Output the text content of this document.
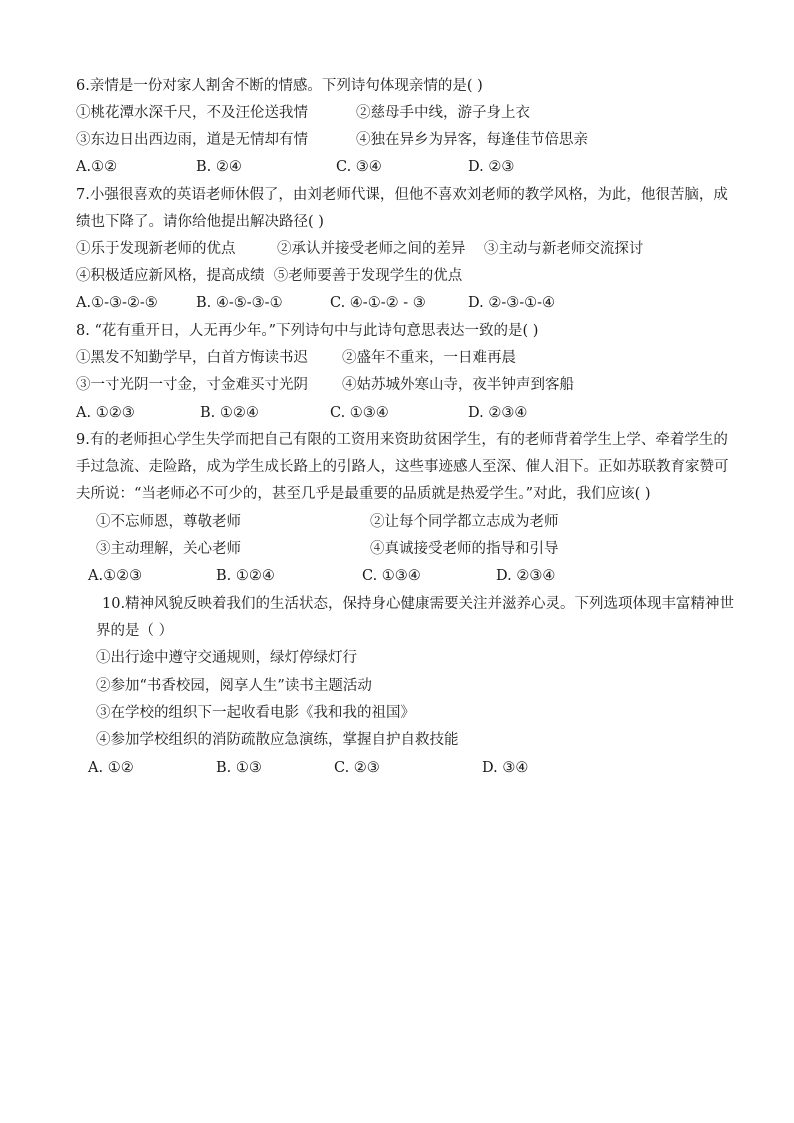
6.亲情是一份对家人割舍不断的情感。下列诗句体现亲情的是( )
①桃花潭水深千尺，不及汪伦送我情	②慈母手中线，游子身上衣
③东边日出西边雨，道是无情却有情	④独在异乡为异客，每逢佳节倍思亲
A.①②	B. ②④	C. ③④	D. ②③
7.小强很喜欢的英语老师休假了，由刘老师代课，但他不喜欢刘老师的教学风格，为此，他很苦脑，成
绩也下降了。请你给他提出解决路径( )
①乐于发现新老师的优点         ②承认并接受老师之间的差异    ③主动与新老师交流探讨
④积极适应新风格，提高成绩  ⑤老师要善于发现学生的优点
A.①-③-②-⑤	B. ④-⑤-③-①	C. ④-①-② - ③	D. ②-③-①-④
8. “花有重开日，人无再少年。”下列诗句中与此诗句意思表达一致的是( )
①黑发不知勤学早，白首方悔读书迟 ②盛年不重来，一日难再晨
③一寸光阴一寸金，寸金难买寸光阴 ④姑苏城外寒山寺，夜半钟声到客船
A. ①②③	B. ①②④	C. ①③④	D. ②③④
9.有的老师担心学生失学而把自己有限的工资用来资助贫困学生，有的老师背着学生上学、牵着学生的
手过急流、走险路，成为学生成长路上的引路人，这些事迹感人至深、催人泪下。正如苏联教育家赞可
夫所说：“当老师必不可少的，甚至几乎是最重要的品质就是热爱学生。”对此，我们应该( )
①不忘师恩，尊敬老师	②让每个同学都立志成为老师
③主动理解，关心老师	④真诚接受老师的指导和引导
A.①②③	B. ①②④	C. ①③④	D. ②③④
10.精神风貌反映着我们的生活状态，保持身心健康需要关注并滋养心灵。下列选项体现丰富精神世
界的是（ ）
①出行途中遵守交通规则，绿灯停绿灯行
②参加“书香校园，阅享人生”读书主题活动
③在学校的组织下一起收看电影《我和我的祖国》
④参加学校组织的消防疏散应急演练，掌握自护自救技能
A. ①②	B. ①③	C. ②③	D. ③④
